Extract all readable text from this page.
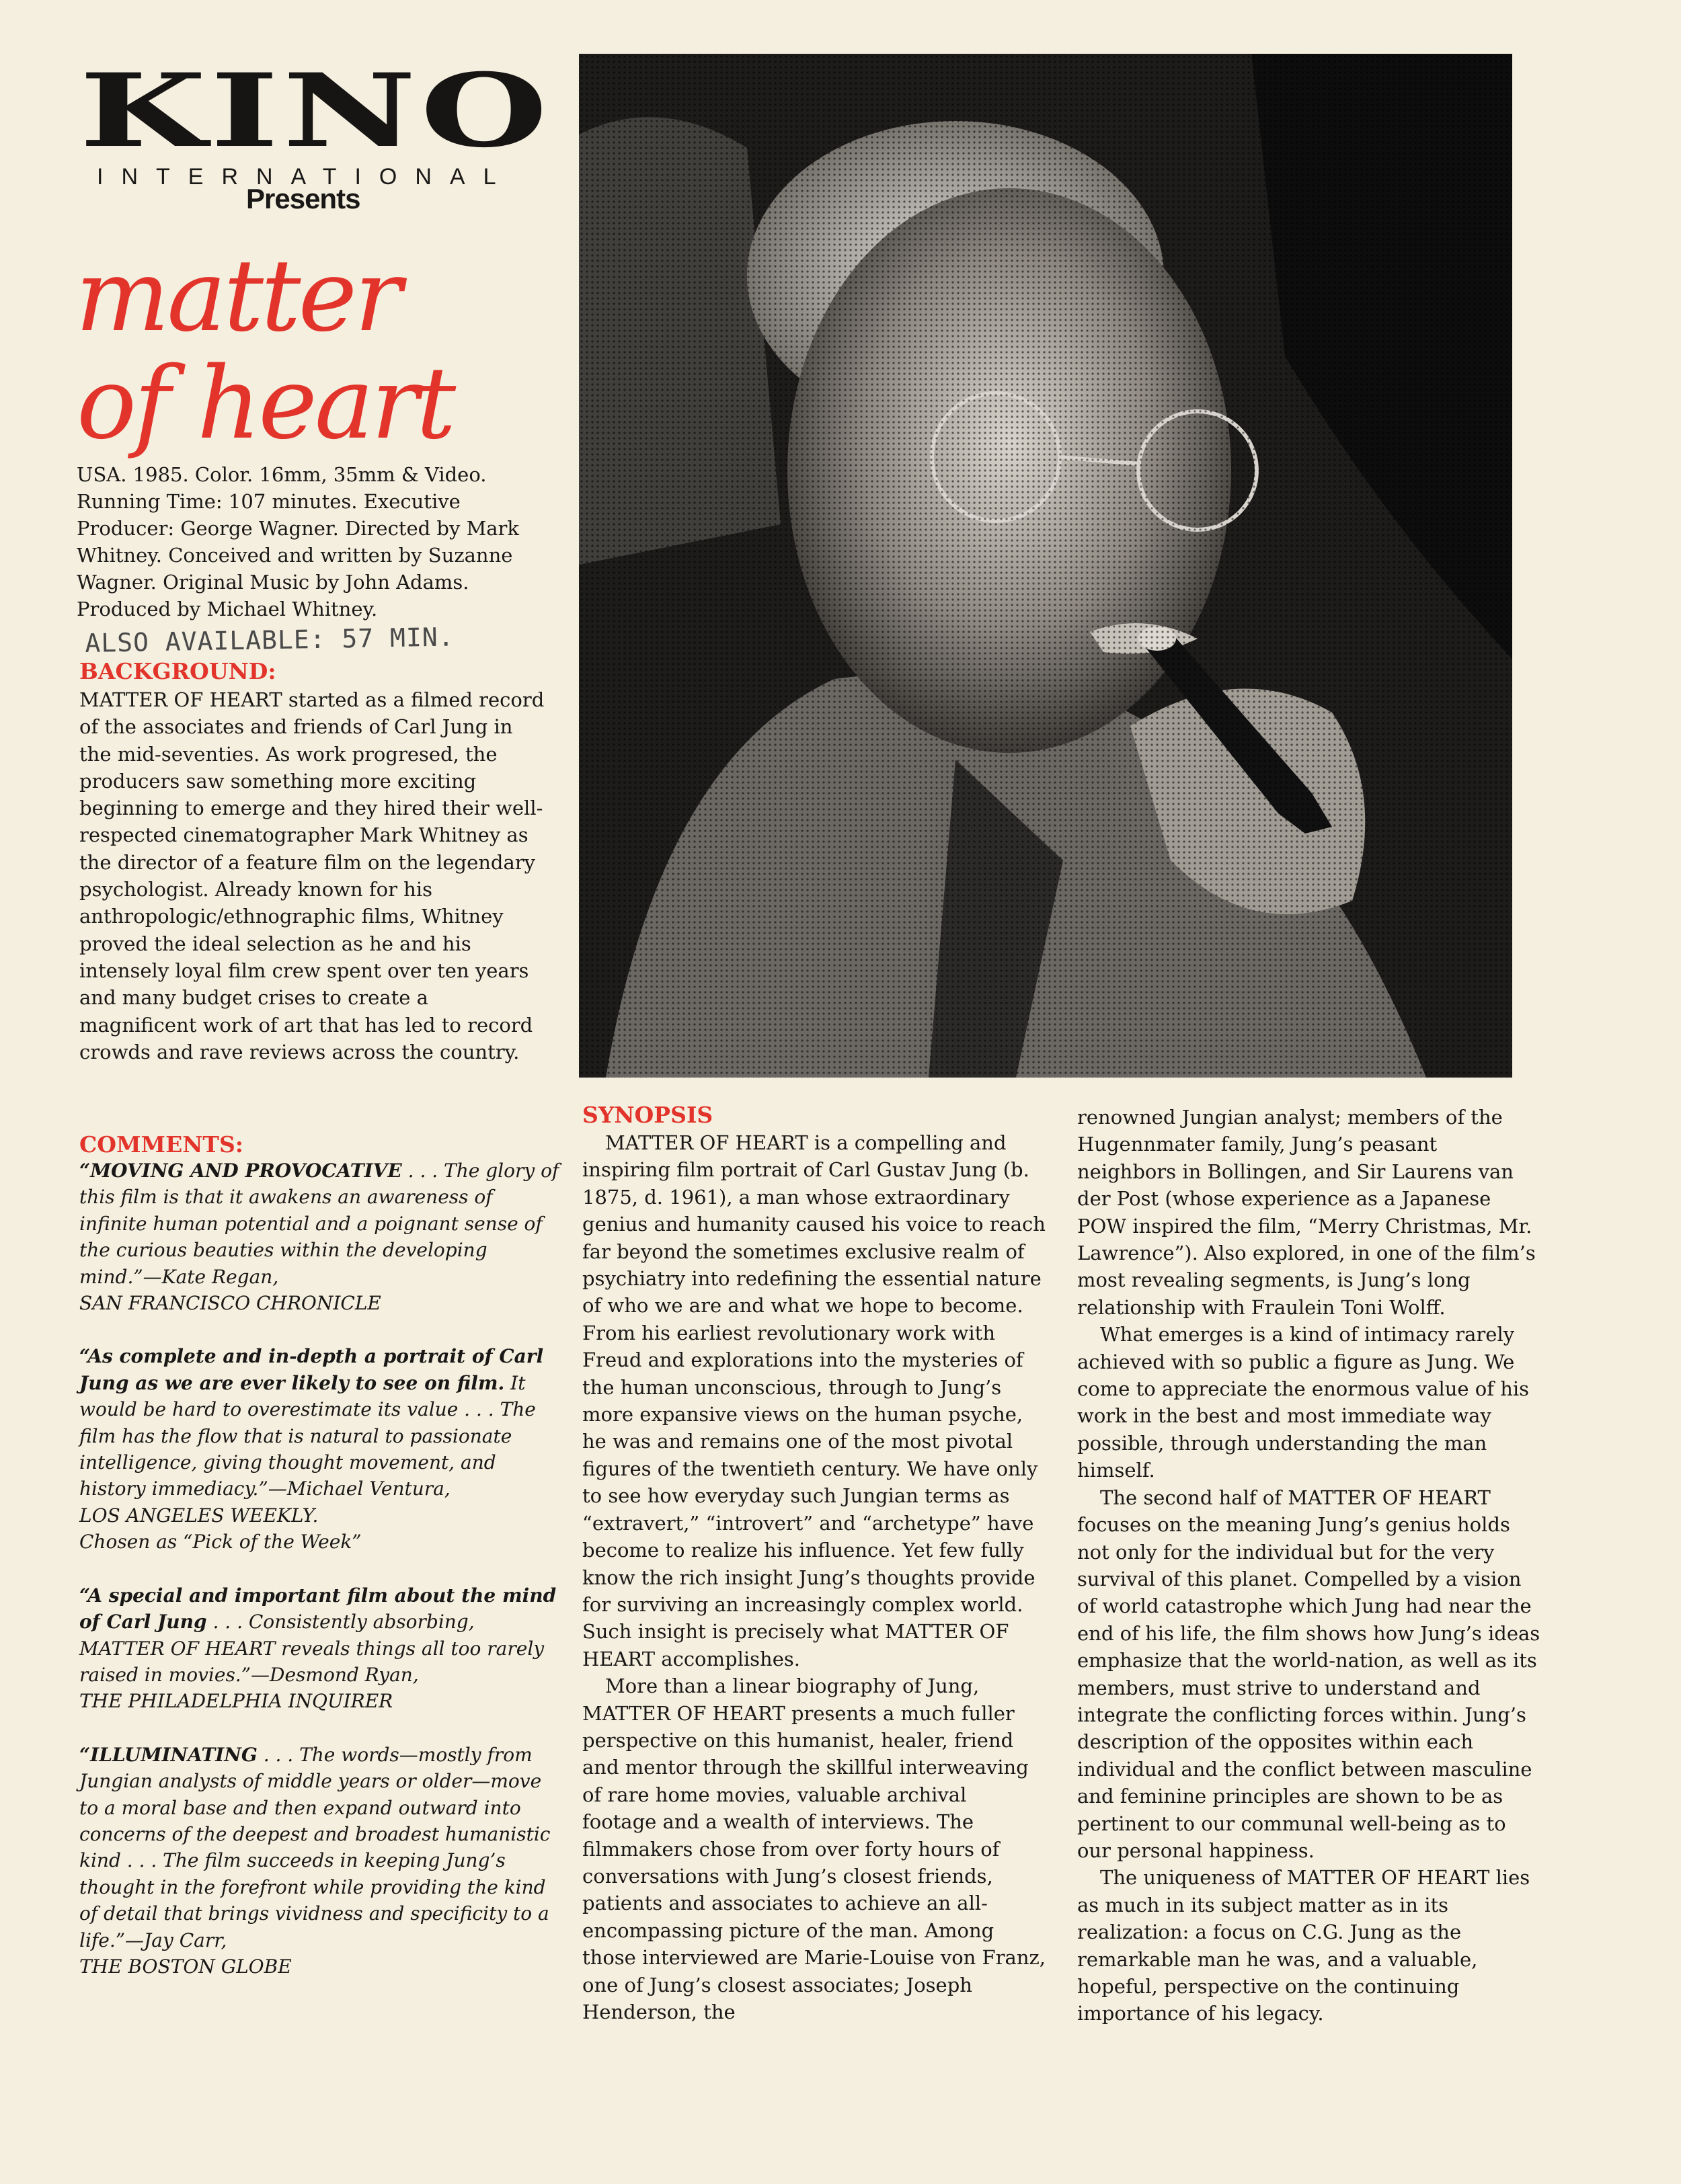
KINO
INTERNATIONAL
Presents
matter
of heart
USA. 1985. Color. 16mm, 35mm & Video. Running Time: 107 minutes. Executive Producer: George Wagner. Directed by Mark Whitney. Conceived and written by Suzanne Wagner. Original Music by John Adams. Produced by Michael Whitney.
ALSO AVAILABLE: 57 MIN.
BACKGROUND:
MATTER OF HEART started as a filmed record of the associates and friends of Carl Jung in the mid-seventies. As work progresed, the producers saw something more exciting beginning to emerge and they hired their well-respected cinematographer Mark Whitney as the director of a feature film on the legendary psychologist. Already known for his anthropologic/ethnographic films, Whitney proved the ideal selection as he and his intensely loyal film crew spent over ten years and many budget crises to create a magnificent work of art that has led to record crowds and rave reviews across the country.
COMMENTS:
“MOVING AND PROVOCATIVE . . . The glory of this film is that it awakens an awareness of infinite human potential and a poignant sense of the curious beauties within the developing mind.”—Kate Regan,
SAN FRANCISCO CHRONICLE
“As complete and in-depth a portrait of Carl Jung as we are ever likely to see on film. It would be hard to overestimate its value . . . The film has the flow that is natural to passionate intelligence, giving thought movement, and history immediacy.”—Michael Ventura,
LOS ANGELES WEEKLY.
Chosen as “Pick of the Week”
“A special and important film about the mind of Carl Jung . . . Consistently absorbing, MATTER OF HEART reveals things all too rarely raised in movies.”—Desmond Ryan,
THE PHILADELPHIA INQUIRER
“ILLUMINATING . . . The words—mostly from Jungian analysts of middle years or older—move to a moral base and then expand outward into concerns of the deepest and broadest humanistic kind . . . The film succeeds in keeping Jung’s thought in the forefront while providing the kind of detail that brings vividness and specificity to a life.”—Jay Carr,
THE BOSTON GLOBE
SYNOPSIS

MATTER OF HEART is a compelling and inspiring film portrait of Carl Gustav Jung (b. 1875, d. 1961), a man whose extraordinary genius and humanity caused his voice to reach far beyond the sometimes exclusive realm of psychiatry into redefining the essential nature of who we are and what we hope to become. From his earliest revolutionary work with Freud and explorations into the mysteries of the human unconscious, through to Jung’s more expansive views on the human psyche, he was and remains one of the most pivotal figures of the twentieth century. We have only to see how everyday such Jungian terms as “extravert,” “introvert” and “archetype” have become to realize his influence. Yet few fully know the rich insight Jung’s thoughts provide for surviving an increasingly complex world. Such insight is precisely what MATTER OF HEART accomplishes.

More than a linear biography of Jung, MATTER OF HEART presents a much fuller perspective on this humanist, healer, friend and mentor through the skillful interweaving of rare home movies, valuable archival footage and a wealth of interviews. The filmmakers chose from over forty hours of conversations with Jung’s closest friends, patients and associates to achieve an all-encompassing picture of the man. Among those interviewed are Marie-Louise von Franz, one of Jung’s closest associates; Joseph Henderson, the

renowned Jungian analyst; members of the Hugennmater family, Jung’s peasant neighbors in Bollingen, and Sir Laurens van der Post (whose experience as a Japanese POW inspired the film, “Merry Christmas, Mr. Lawrence”). Also explored, in one of the film’s most revealing segments, is Jung’s long relationship with Fraulein Toni Wolff.

What emerges is a kind of intimacy rarely achieved with so public a figure as Jung. We come to appreciate the enormous value of his work in the best and most immediate way possible, through understanding the man himself.

The second half of MATTER OF HEART focuses on the meaning Jung’s genius holds not only for the individual but for the very survival of this planet. Compelled by a vision of world catastrophe which Jung had near the end of his life, the film shows how Jung’s ideas emphasize that the world-nation, as well as its members, must strive to understand and integrate the conflicting forces within. Jung’s description of the opposites within each individual and the conflict between masculine and feminine principles are shown to be as pertinent to our communal well-being as to our personal happiness.

The uniqueness of MATTER OF HEART lies as much in its subject matter as in its realization: a focus on C.G. Jung as the remarkable man he was, and a valuable, hopeful, perspective on the continuing importance of his legacy.
